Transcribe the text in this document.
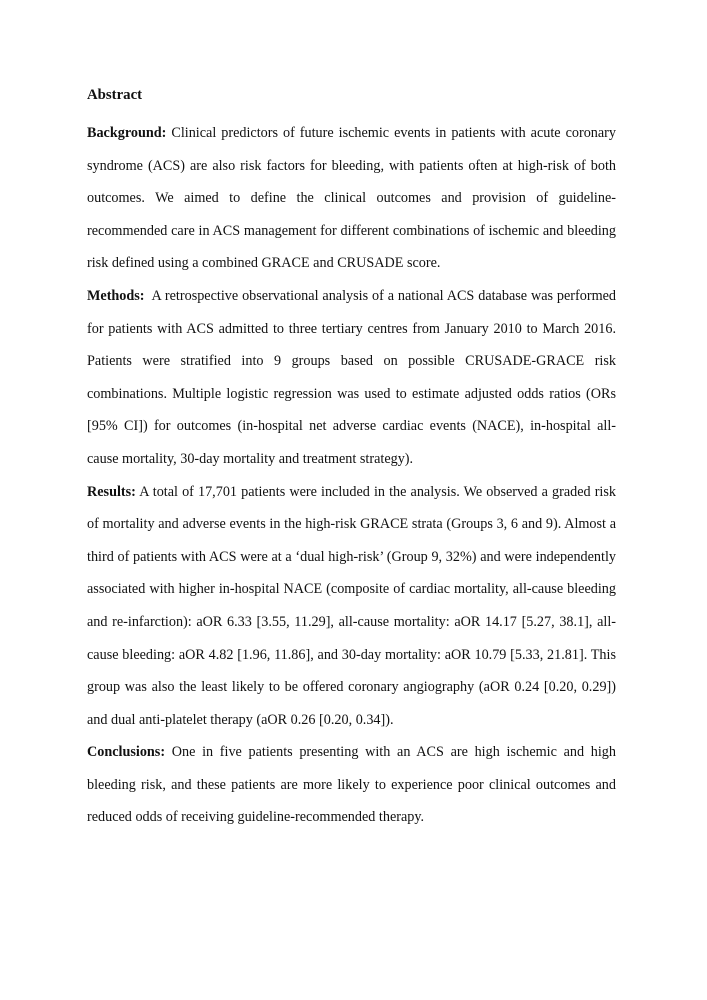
Abstract

Background: Clinical predictors of future ischemic events in patients with acute coronary syndrome (ACS) are also risk factors for bleeding, with patients often at high-risk of both outcomes. We aimed to define the clinical outcomes and provision of guideline-recommended care in ACS management for different combinations of ischemic and bleeding risk defined using a combined GRACE and CRUSADE score.

Methods:  A retrospective observational analysis of a national ACS database was performed for patients with ACS admitted to three tertiary centres from January 2010 to March 2016. Patients were stratified into 9 groups based on possible CRUSADE-GRACE risk combinations. Multiple logistic regression was used to estimate adjusted odds ratios (ORs [95% CI]) for outcomes (in-hospital net adverse cardiac events (NACE), in-hospital all-cause mortality, 30-day mortality and treatment strategy).

Results: A total of 17,701 patients were included in the analysis. We observed a graded risk of mortality and adverse events in the high-risk GRACE strata (Groups 3, 6 and 9). Almost a third of patients with ACS were at a ‘dual high-risk’ (Group 9, 32%) and were independently associated with higher in-hospital NACE (composite of cardiac mortality, all-cause bleeding and re-infarction): aOR 6.33 [3.55, 11.29], all-cause mortality: aOR 14.17 [5.27, 38.1], all-cause bleeding: aOR 4.82 [1.96, 11.86], and 30-day mortality: aOR 10.79 [5.33, 21.81]. This group was also the least likely to be offered coronary angiography (aOR 0.24 [0.20, 0.29]) and dual anti-platelet therapy (aOR 0.26 [0.20, 0.34]).

Conclusions: One in five patients presenting with an ACS are high ischemic and high bleeding risk, and these patients are more likely to experience poor clinical outcomes and reduced odds of receiving guideline-recommended therapy.
